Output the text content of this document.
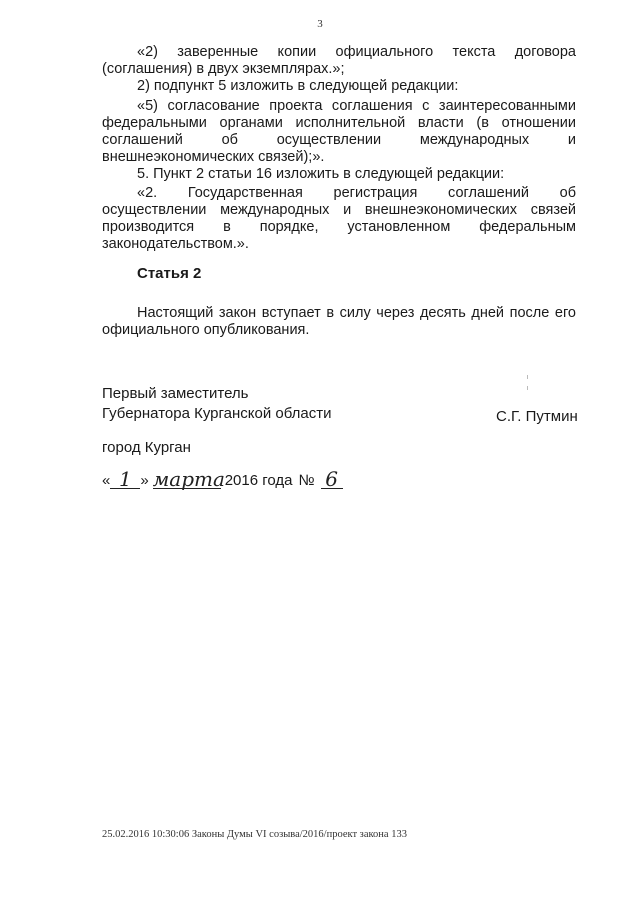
3

«2) заверенные копии официального текста договора

(соглашения) в двух экземплярах.»;

2) подпункт 5 изложить в следующей редакции:

«5) согласование проекта соглашения с заинтересованными

федеральными органами исполнительной власти (в отношении

соглашений об осуществлении международных и

внешнеэкономических связей);».

5. Пункт 2 статьи 16 изложить в следующей редакции:

«2. Государственная регистрация соглашений об

осуществлении международных и внешнеэкономических связей

производится в порядке, установленном федеральным

законодательством.».

Статья 2

Настоящий закон вступает в силу через десять дней после его

официального опубликования.

Первый заместитель
Губернатора Курганской области	С.Г. Путмин
город Курган
« 1 » марта 2016 года № 6
25.02.2016 10:30:06 Законы Думы VI созыва/2016/проект закона 133
